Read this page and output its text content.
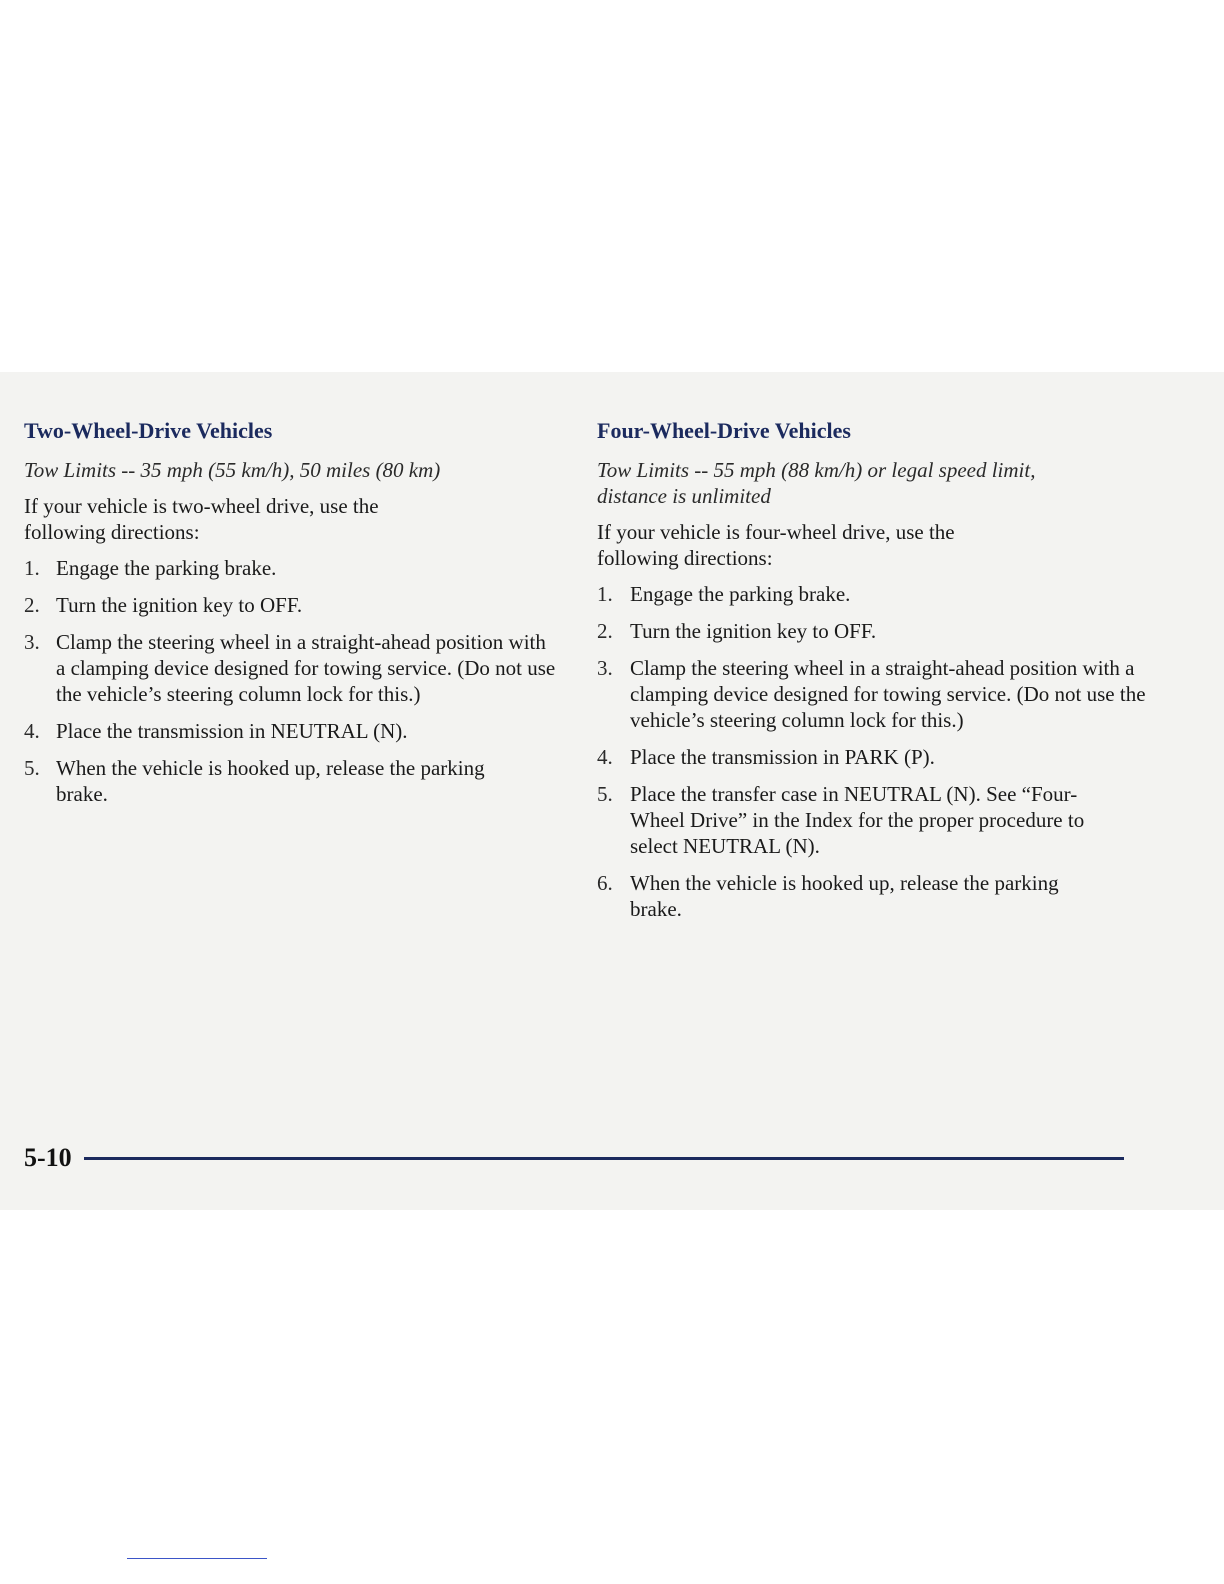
Two-Wheel-Drive Vehicles

Tow Limits -- 35 mph (55 km/h), 50 miles (80 km)

If your vehicle is two-wheel drive, use the following directions:

1. Engage the parking brake.
2. Turn the ignition key to OFF.
3. Clamp the steering wheel in a straight-ahead position with a clamping device designed for towing service. (Do not use the vehicle’s steering column lock for this.)
4. Place the transmission in NEUTRAL (N).
5. When the vehicle is hooked up, release the parking brake.
Four-Wheel-Drive Vehicles

Tow Limits -- 55 mph (88 km/h) or legal speed limit, distance is unlimited

If your vehicle is four-wheel drive, use the following directions:

1. Engage the parking brake.
2. Turn the ignition key to OFF.
3. Clamp the steering wheel in a straight-ahead position with a clamping device designed for towing service. (Do not use the vehicle’s steering column lock for this.)
4. Place the transmission in PARK (P).
5. Place the transfer case in NEUTRAL (N). See “Four-Wheel Drive” in the Index for the proper procedure to select NEUTRAL (N).
6. When the vehicle is hooked up, release the parking brake.
5-10
